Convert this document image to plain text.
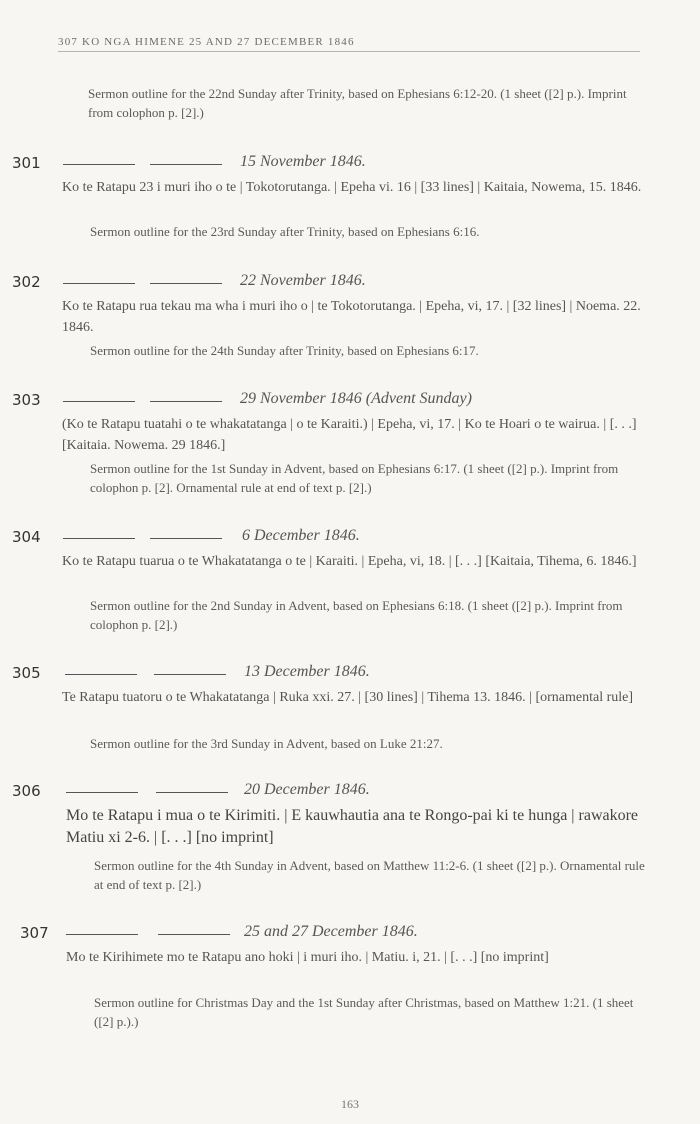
307 KO NGA HIMENE 25 AND 27 DECEMBER 1846
Sermon outline for the 22nd Sunday after Trinity, based on Ephesians 6:12-20. (1 sheet ([2] p.). Imprint from colophon p. [2].)
301	15 November 1846.
Ko te Ratapu 23 i muri iho o te | Tokotorutanga. | Epeha vi. 16 | [33 lines] | Kaitaia, Nowema, 15. 1846.
Sermon outline for the 23rd Sunday after Trinity, based on Ephesians 6:16.
302	22 November 1846.
Ko te Ratapu rua tekau ma wha i muri iho o | te Tokotorutanga. | Epeha, vi, 17. | [32 lines] | Noema. 22. 1846.
Sermon outline for the 24th Sunday after Trinity, based on Ephesians 6:17.
303	29 November 1846 (Advent Sunday)
(Ko te Ratapu tuatahi o te whakatatanga | o te Karaiti.) | Epeha, vi, 17. | Ko te Hoari o te wairua. | [. . .] [Kaitaia. Nowema. 29 1846.]
Sermon outline for the 1st Sunday in Advent, based on Ephesians 6:17. (1 sheet ([2] p.). Imprint from colophon p. [2]. Ornamental rule at end of text p. [2].)
304	6 December 1846.
Ko te Ratapu tuarua o te Whakatatanga o te | Karaiti. | Epeha, vi, 18. | [. . .] [Kaitaia, Tihema, 6. 1846.]
Sermon outline for the 2nd Sunday in Advent, based on Ephesians 6:18. (1 sheet ([2] p.). Imprint from colophon p. [2].)
305	13 December 1846.
Te Ratapu tuatoru o te Whakatatanga | Ruka xxi. 27. | [30 lines] | Tihema 13. 1846. | [ornamental rule]
Sermon outline for the 3rd Sunday in Advent, based on Luke 21:27.
306	20 December 1846.
Mo te Ratapu i mua o te Kirimiti. | E kauwhautia ana te Rongo-pai ki te hunga | rawakore Matiu xi 2-6. | [. . .] [no imprint]
Sermon outline for the 4th Sunday in Advent, based on Matthew 11:2-6. (1 sheet ([2] p.). Ornamental rule at end of text p. [2].)
307	25 and 27 December 1846.
Mo te Kirihimete mo te Ratapu ano hoki | i muri iho. | Matiu. i, 21. | [. . .] [no imprint]
Sermon outline for Christmas Day and the 1st Sunday after Christmas, based on Matthew 1:21. (1 sheet ([2] p.).)
163
